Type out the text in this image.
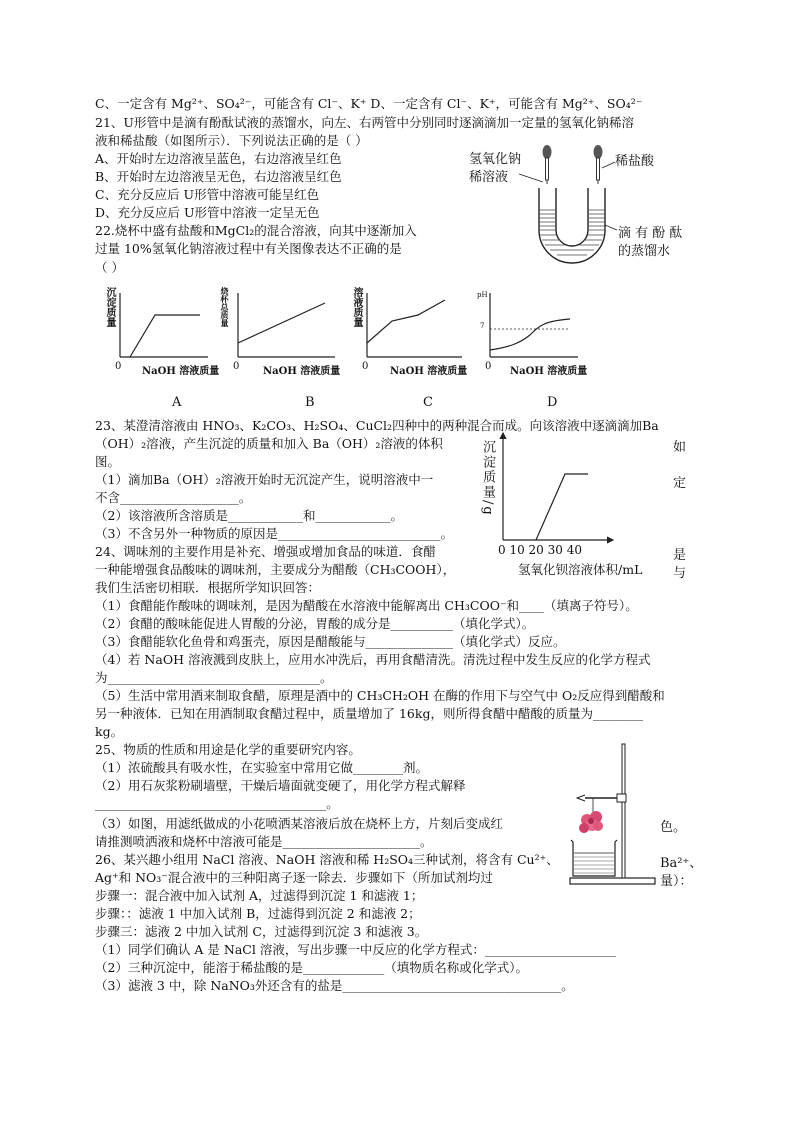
C、一定含有 Mg²⁺、SO₄²⁻，可能含有 Cl⁻、K⁺ D、一定含有 Cl⁻、K⁺，可能含有 Mg²⁺、SO₄²⁻
21、U形管中是滴有酚酞试液的蒸馏水，向左、右两管中分别同时逐滴滴加一定量的氢氧化钠稀溶
液和稀盐酸（如图所示）．下列说法正确的是（ ）
A、开始时左边溶液呈蓝色，右边溶液呈红色
B、开始时左边溶液呈无色，右边溶液呈红色
C、充分反应后 U形管中溶液可能呈红色
D、充分反应后 U形管中溶液一定呈无色
22.烧杯中盛有盐酸和MgCl₂的混合溶液，向其中逐渐加入
过量 10%氢氧化钠溶液过程中有关图像表达不正确的是
（ ）
23、某澄清溶液由 HNO₃、K₂CO₃、H₂SO₄、CuCl₂四种中的两种混合而成。向该溶液中逐滴滴加Ba
（OH）₂溶液，产生沉淀的质量和加入 Ba（OH）₂溶液的体积
图。
（1）滴加Ba（OH）₂溶液开始时无沉淀产生，说明溶液中一
不含___________________。
（2）该溶液所含溶质是____________和____________。
（3）不含另外一种物质的原因是__________________________。
24、调味剂的主要作用是补充、增强或增加食品的味道．食醋
一种能增强食品酸味的调味剂，主要成分为醋酸（CH₃COOH），
我们生活密切相联．根据所学知识回答：
（1）食醋能作酸味的调味剂，是因为醋酸在水溶液中能解离出 CH₃COO⁻和____（填离子符号）。
（2）食醋的酸味能促进人胃酸的分泌，胃酸的成分是__________（填化学式）。
（3）食醋能软化鱼骨和鸡蛋壳，原因是醋酸能与______________（填化学式）反应。
（4）若 NaOH 溶液溅到皮肤上，应用水冲洗后，再用食醋清洗。清洗过程中发生反应的化学方程式
为__________________________________。
（5）生活中常用酒来制取食醋，原理是酒中的 CH₃CH₂OH 在酶的作用下与空气中 O₂反应得到醋酸和
另一种液体．已知在用酒制取食醋过程中，质量增加了 16kg，则所得食醋中醋酸的质量为________
kg。
25、物质的性质和用途是化学的重要研究内容。
（1）浓硫酸具有吸水性，在实验室中常用它做________剂。
（2）用石灰浆粉刷墙壁，干燥后墙面就变硬了，用化学方程式解释
_____________________________________。
（3）如图，用滤纸做成的小花喷洒某溶液后放在烧杯上方，片刻后变成红
请推测喷洒液和烧杯中溶液可能是______________________。
26、某兴趣小组用 NaCl 溶液、NaOH 溶液和稀 H₂SO₄三种试剂，将含有 Cu²⁺、
Ag⁺和 NO₃⁻混合液中的三种阳离子逐一除去．步骤如下（所加试剂均过
步骤一：混合液中加入试剂 A，过滤得到沉淀 1 和滤液 1；
步骤：：滤液 1 中加入试剂 B，过滤得到沉淀 2 和滤液 2；
步骤三：滤液 2 中加入试剂 C，过滤得到沉淀 3 和滤液 3。
（1）同学们确认 A 是 NaCl 溶液，写出步骤一中反应的化学方程式：_____________________
（2）三种沉淀中，能溶于稀盐酸的是_____________（填物质名称或化学式）。
（3）滤液 3 中，除 NaNO₃外还含有的盐是___________________________________。
如
定
是
与
色。
Ba²⁺、
量）：
氢氧化钠
稀溶液
稀盐酸
滴 有 酚 酞
的蒸馏水
沉淀质量	烧杯总质量	溶液质量	pH
7
0	0	0	0
NaOH 溶液质量	NaOH 溶液质量	NaOH 溶液质量	NaOH 溶液质量
A	B	C	D
沉淀质量/g
0 10 20 30 40
氢氧化钡溶液体积/mL
